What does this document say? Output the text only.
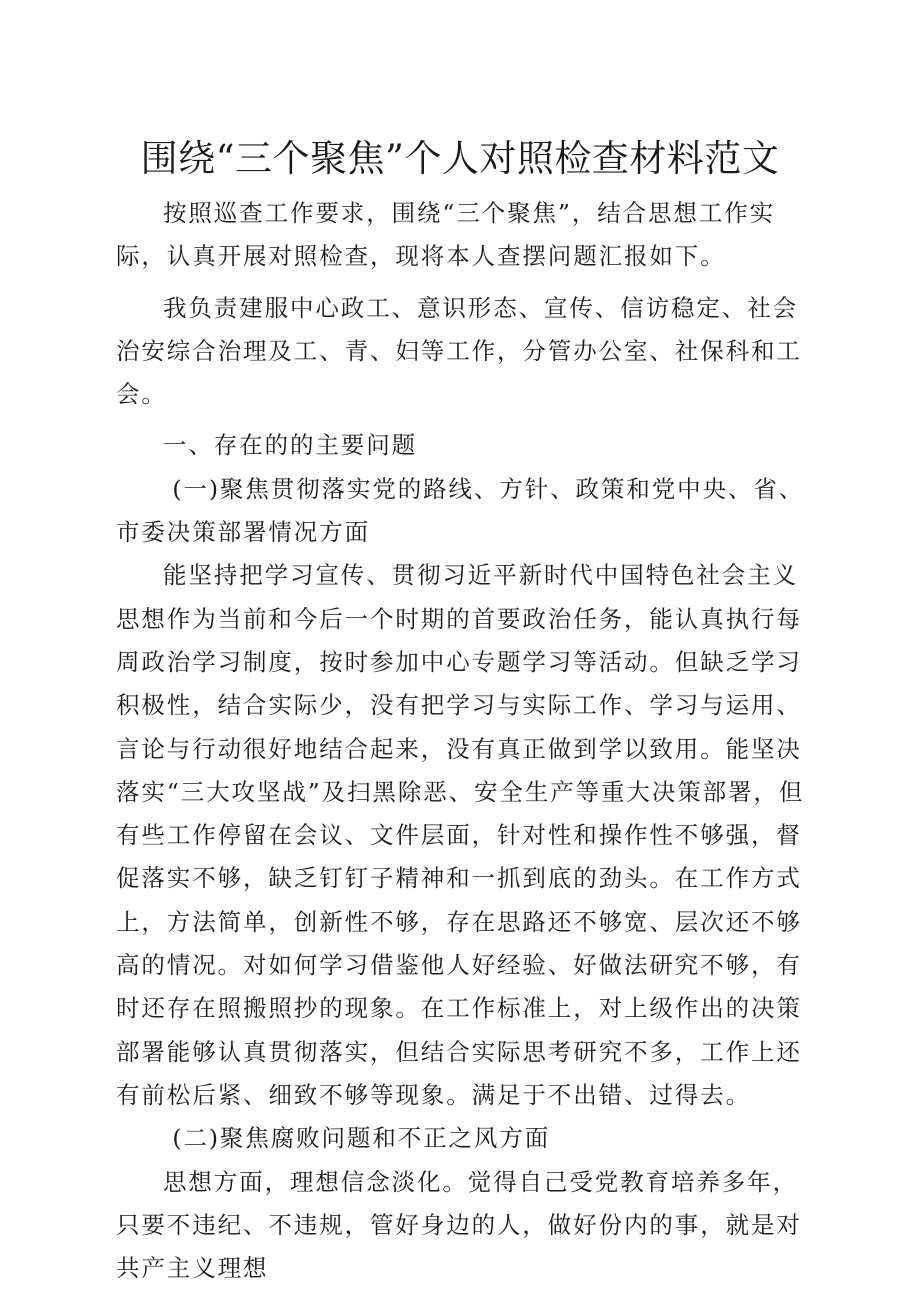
围绕“三个聚焦”个人对照检查材料范文

按照巡查工作要求，围绕“三个聚焦”，结合思想工作实际，认真开展对照检查，现将本人查摆问题汇报如下。

我负责建服中心政工、意识形态、宣传、信访稳定、社会治安综合治理及工、青、妇等工作，分管办公室、社保科和工会。

一、存在的的主要问题

(一)聚焦贯彻落实党的路线、方针、政策和党中央、省、市委决策部署情况方面

能坚持把学习宣传、贯彻习近平新时代中国特色社会主义思想作为当前和今后一个时期的首要政治任务，能认真执行每周政治学习制度，按时参加中心专题学习等活动。但缺乏学习积极性，结合实际少，没有把学习与实际工作、学习与运用、言论与行动很好地结合起来，没有真正做到学以致用。能坚决落实“三大攻坚战”及扫黑除恶、安全生产等重大决策部署，但有些工作停留在会议、文件层面，针对性和操作性不够强，督促落实不够，缺乏钉钉子精神和一抓到底的劲头。在工作方式上，方法简单，创新性不够，存在思路还不够宽、层次还不够高的情况。对如何学习借鉴他人好经验、好做法研究不够，有时还存在照搬照抄的现象。在工作标准上，对上级作出的决策部署能够认真贯彻落实，但结合实际思考研究不多，工作上还有前松后紧、细致不够等现象。满足于不出错、过得去。

(二)聚焦腐败问题和不正之风方面

思想方面，理想信念淡化。觉得自己受党教育培养多年，只要不违纪、不违规，管好身边的人，做好份内的事，就是对共产主义理想
